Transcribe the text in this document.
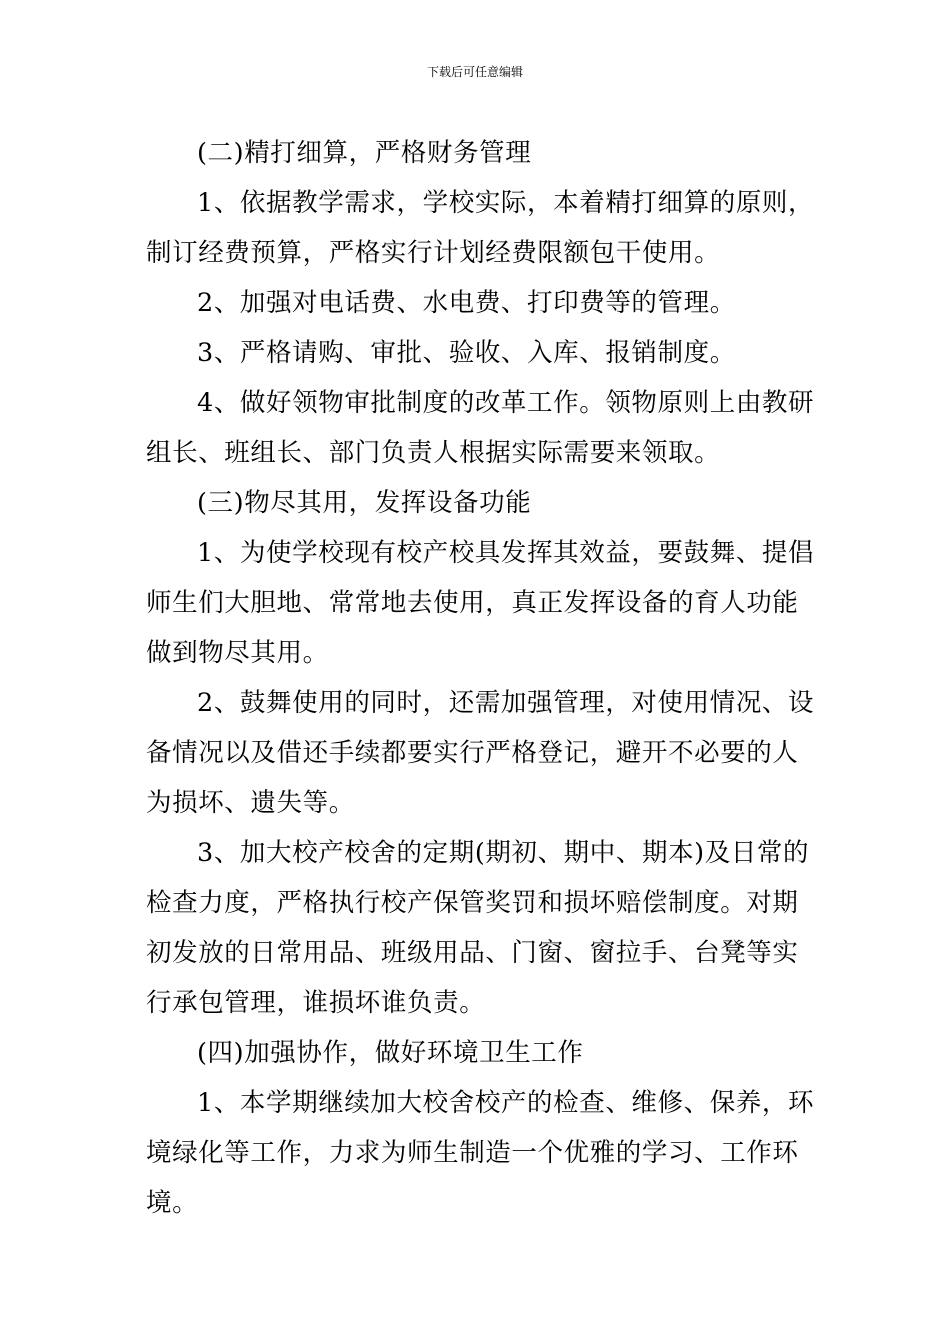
下载后可任意编辑

(二)精打细算，严格财务管理

1、依据教学需求，学校实际，本着精打细算的原则，
制订经费预算，严格实行计划经费限额包干使用。

2、加强对电话费、水电费、打印费等的管理。

3、严格请购、审批、验收、入库、报销制度。

4、做好领物审批制度的改革工作。领物原则上由教研
组长、班组长、部门负责人根据实际需要来领取。

(三)物尽其用，发挥设备功能

1、为使学校现有校产校具发挥其效益，要鼓舞、提倡
师生们大胆地、常常地去使用，真正发挥设备的育人功能
做到物尽其用。

2、鼓舞使用的同时，还需加强管理，对使用情况、设
备情况以及借还手续都要实行严格登记，避开不必要的人
为损坏、遗失等。

3、加大校产校舍的定期(期初、期中、期本)及日常的
检查力度，严格执行校产保管奖罚和损坏赔偿制度。对期
初发放的日常用品、班级用品、门窗、窗拉手、台凳等实
行承包管理，谁损坏谁负责。

(四)加强协作，做好环境卫生工作

1、本学期继续加大校舍校产的检查、维修、保养，环
境绿化等工作，力求为师生制造一个优雅的学习、工作环
境。
